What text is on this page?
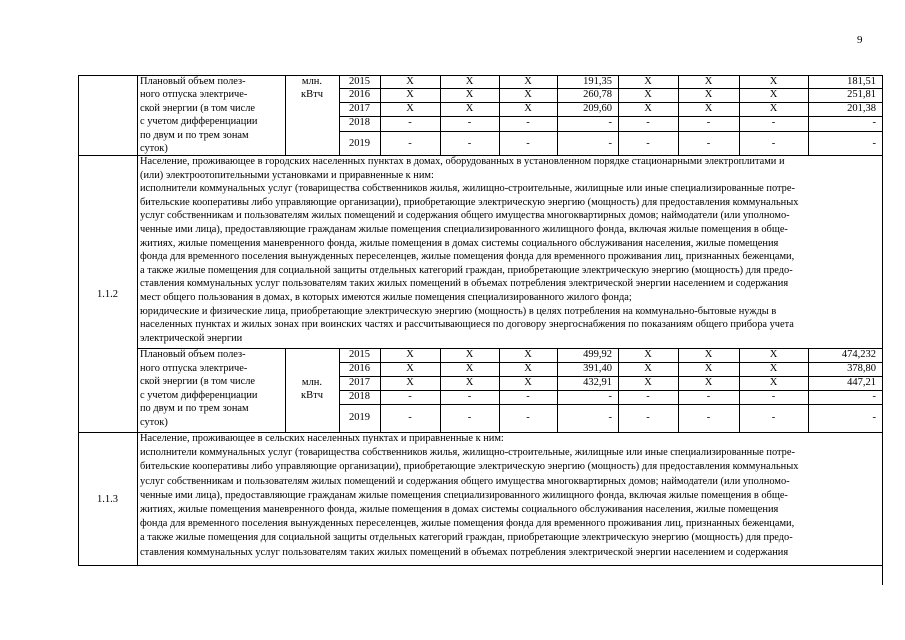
9
Плановый объем полез-
ного отпуска электриче-
ской энергии (в том числе
с учетом дифференциации
по двум и по трем зонам
суток)
млн.
кВтч
2015	X	X	X	191,35	X	X	X	181,51
2016	X	X	X	260,78	X	X	X	251,81
2017	X	X	X	209,60	X	X	X	201,38
2018	-	-	-	-	-	-	-	-
2019	-	-	-	-	-	-	-	-
1.1.2
Население, проживающее в городских населенных пунктах в домах, оборудованных в установленном порядке стационарными электроплитами и
(или) электроотопительными установками и приравненные к ним:
исполнители коммунальных услуг (товарищества собственников жилья, жилищно-строительные, жилищные или иные специализированные потре-
бительские кооперативы либо управляющие организации), приобретающие электрическую энергию (мощность) для предоставления коммунальных
услуг собственникам и пользователям жилых помещений и содержания общего имущества многоквартирных домов; наймодатели (или уполномо-
ченные ими лица), предоставляющие гражданам жилые помещения специализированного жилищного фонда, включая жилые помещения в обще-
житиях, жилые помещения маневренного фонда, жилые помещения в домах системы социального обслуживания населения, жилые помещения
фонда для временного поселения вынужденных переселенцев, жилые помещения фонда для временного проживания лиц, признанных беженцами,
а также жилые помещения для социальной защиты отдельных категорий граждан, приобретающие электрическую энергию (мощность) для предо-
ставления коммунальных услуг пользователям таких жилых помещений в объемах потребления электрической энергии населением и содержания
мест общего пользования в домах, в которых имеются жилые помещения специализированного жилого фонда;
юридические и физические лица, приобретающие электрическую энергию (мощность) в целях потребления на коммунально-бытовые нужды в
населенных пунктах и жилых зонах при воинских частях и рассчитывающиеся по договору энергоснабжения по показаниям общего прибора учета
электрической энергии
Плановый объем полез-
ного отпуска электриче-
ской энергии (в том числе
с учетом дифференциации
по двум и по трем зонам
суток)
млн.
кВтч
2015	X	X	X	499,92	X	X	X	474,232
2016	X	X	X	391,40	X	X	X	378,80
2017	X	X	X	432,91	X	X	X	447,21
2018	-	-	-	-	-	-	-	-
2019	-	-	-	-	-	-	-	-
1.1.3
Население, проживающее в сельских населенных пунктах и приравненные к ним:
исполнители коммунальных услуг (товарищества собственников жилья, жилищно-строительные, жилищные или иные специализированные потре-
бительские кооперативы либо управляющие организации), приобретающие электрическую энергию (мощность) для предоставления коммунальных
услуг собственникам и пользователям жилых помещений и содержания общего имущества многоквартирных домов; наймодатели (или уполномо-
ченные ими лица), предоставляющие гражданам жилые помещения специализированного жилищного фонда, включая жилые помещения в обще-
житиях, жилые помещения маневренного фонда, жилые помещения в домах системы социального обслуживания населения, жилые помещения
фонда для временного поселения вынужденных переселенцев, жилые помещения фонда для временного проживания лиц, признанных беженцами,
а также жилые помещения для социальной защиты отдельных категорий граждан, приобретающие электрическую энергию (мощность) для предо-
ставления коммунальных услуг пользователям таких жилых помещений в объемах потребления электрической энергии населением и содержания
